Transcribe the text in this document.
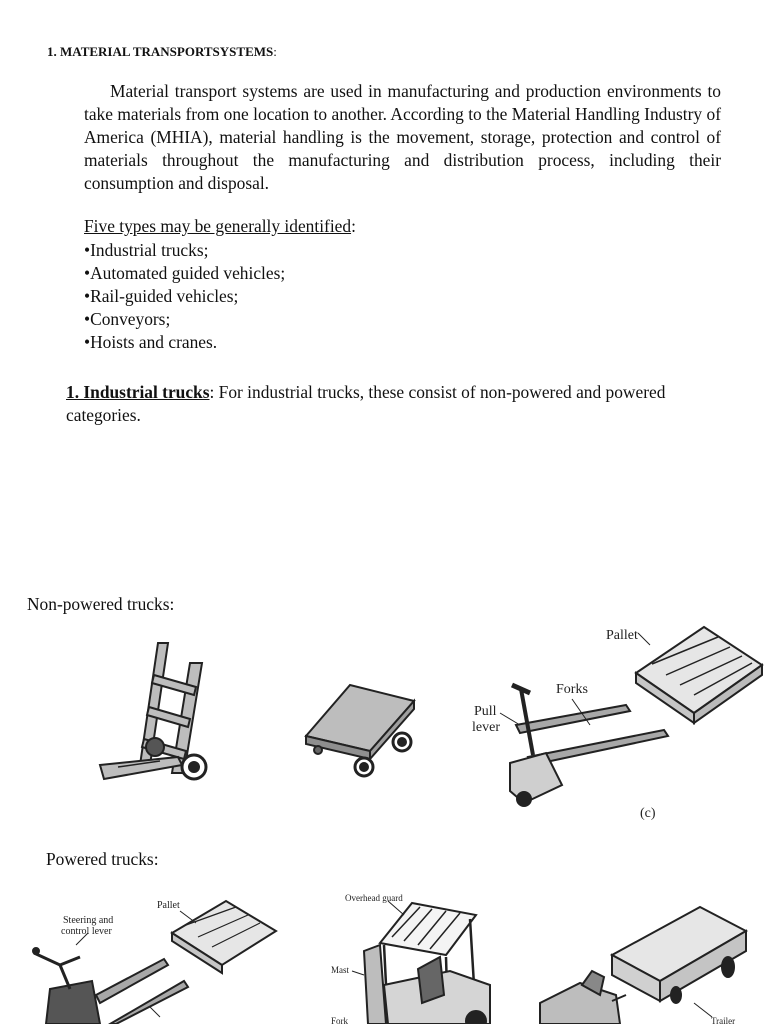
1. MATERIAL TRANSPORTSYSTEMS:

Material transport systems are used in manufacturing and production environments to take materials from one location to another. According to the Material Handling Industry of America (MHIA), material handling is the movement, storage, protection and control of materials throughout the manufacturing and distribution process, including their consumption and disposal.

Five types may be generally identified:
•Industrial trucks;
•Automated guided vehicles;
•Rail-guided vehicles;
•Conveyors;
•Hoists and cranes.

1. Industrial trucks: For industrial trucks, these consist of non-powered and powered categories.

Non-powered trucks:
Pallet
Forks
Pull
lever
(c)
Powered trucks:
Pallet
Steering and
control lever
Overhead guard
Mast
Fork	Trailer
